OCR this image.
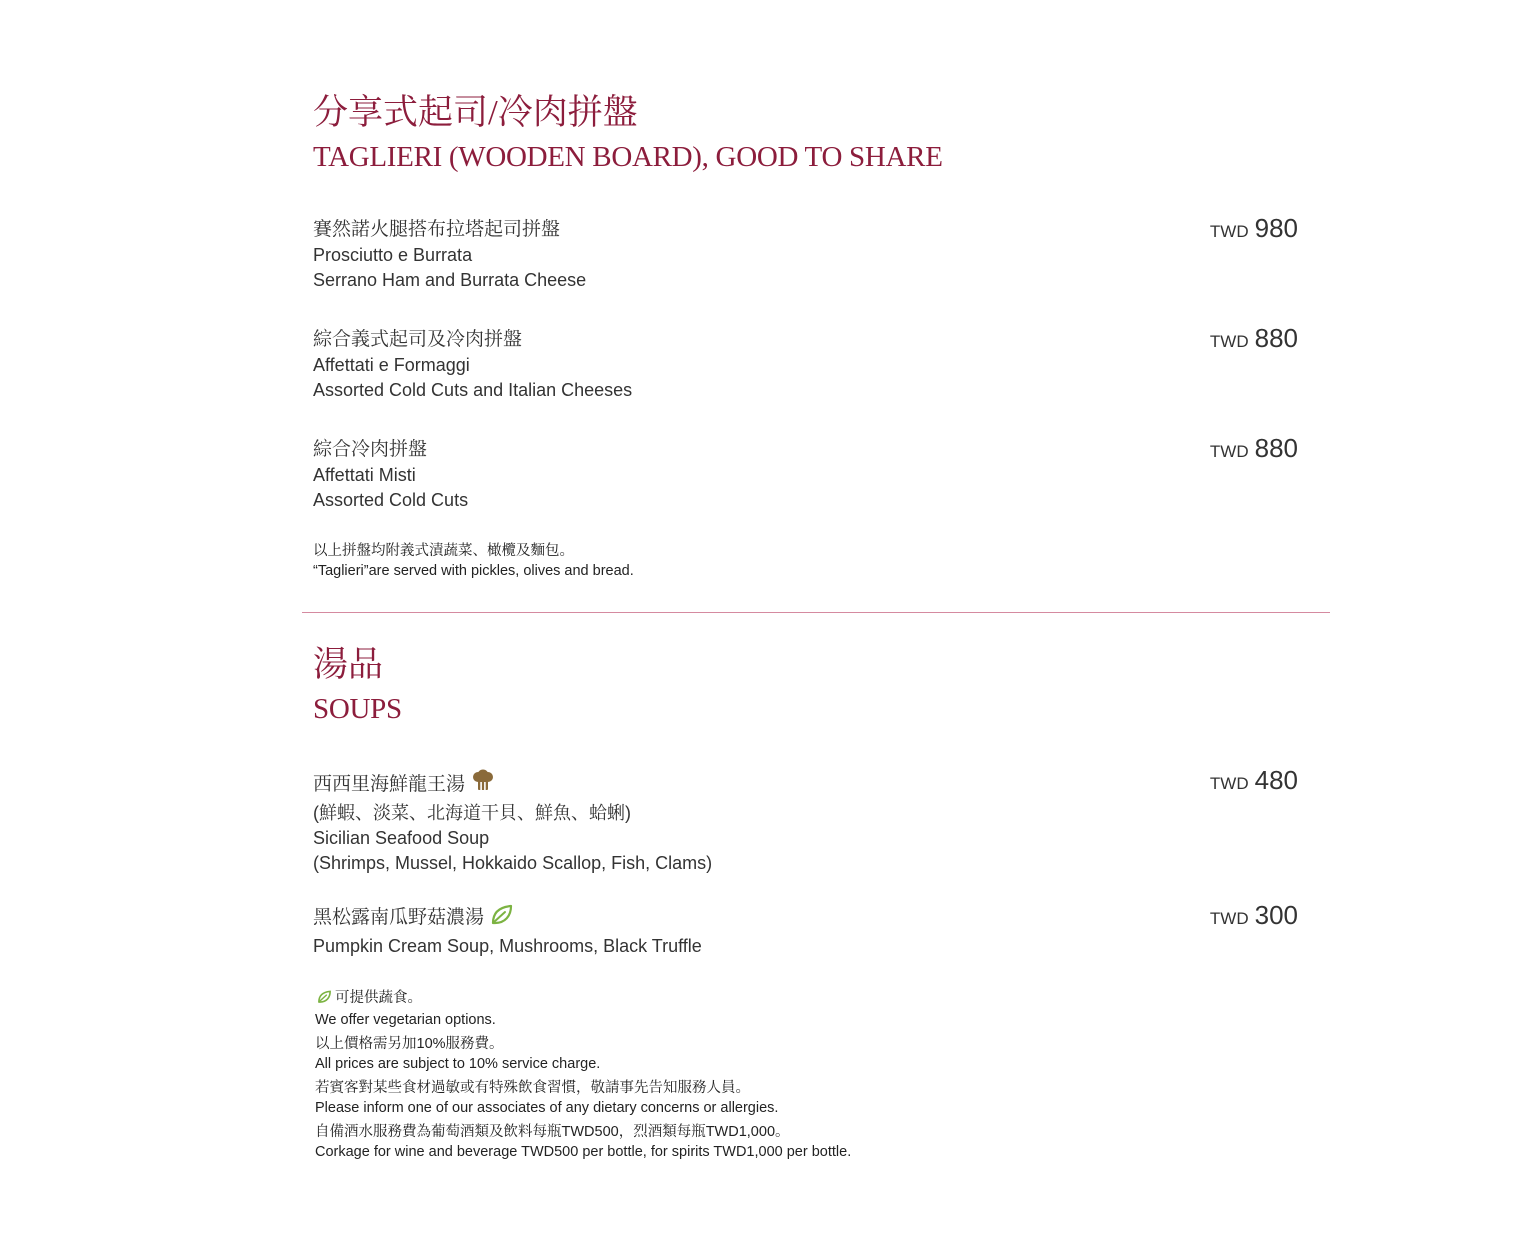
分享式起司/冷肉拼盤
TAGLIERI (WOODEN BOARD), GOOD TO SHARE
賽然諾火腿搭布拉塔起司拼盤
Prosciutto e Burrata
Serrano Ham and Burrata Cheese
TWD 980
綜合義式起司及冷肉拼盤
Affettati e Formaggi
Assorted Cold Cuts and Italian Cheeses
TWD 880
綜合冷肉拼盤
Affettati Misti
Assorted Cold Cuts
TWD 880
以上拼盤均附義式漬蔬菜、橄欖及麵包。
“Taglieri”are served with pickles, olives and bread.
湯品
SOUPS
西西里海鮮龍王湯
(鮮蝦、淡菜、北海道干貝、鮮魚、蛤蜊)
Sicilian Seafood Soup
(Shrimps, Mussel, Hokkaido Scallop, Fish, Clams)
TWD 480
黑松露南瓜野菇濃湯
Pumpkin Cream Soup, Mushrooms, Black Truffle
TWD 300
可提供蔬食。
We offer vegetarian options.
以上價格需另加10%服務費。
All prices are subject to 10% service charge.
若賓客對某些食材過敏或有特殊飲食習慣，敬請事先告知服務人員。
Please inform one of our associates of any dietary concerns or allergies.
自備酒水服務費為葡萄酒類及飲料每瓶TWD500，烈酒類每瓶TWD1,000。
Corkage for wine and beverage TWD500 per bottle, for spirits TWD1,000 per bottle.
